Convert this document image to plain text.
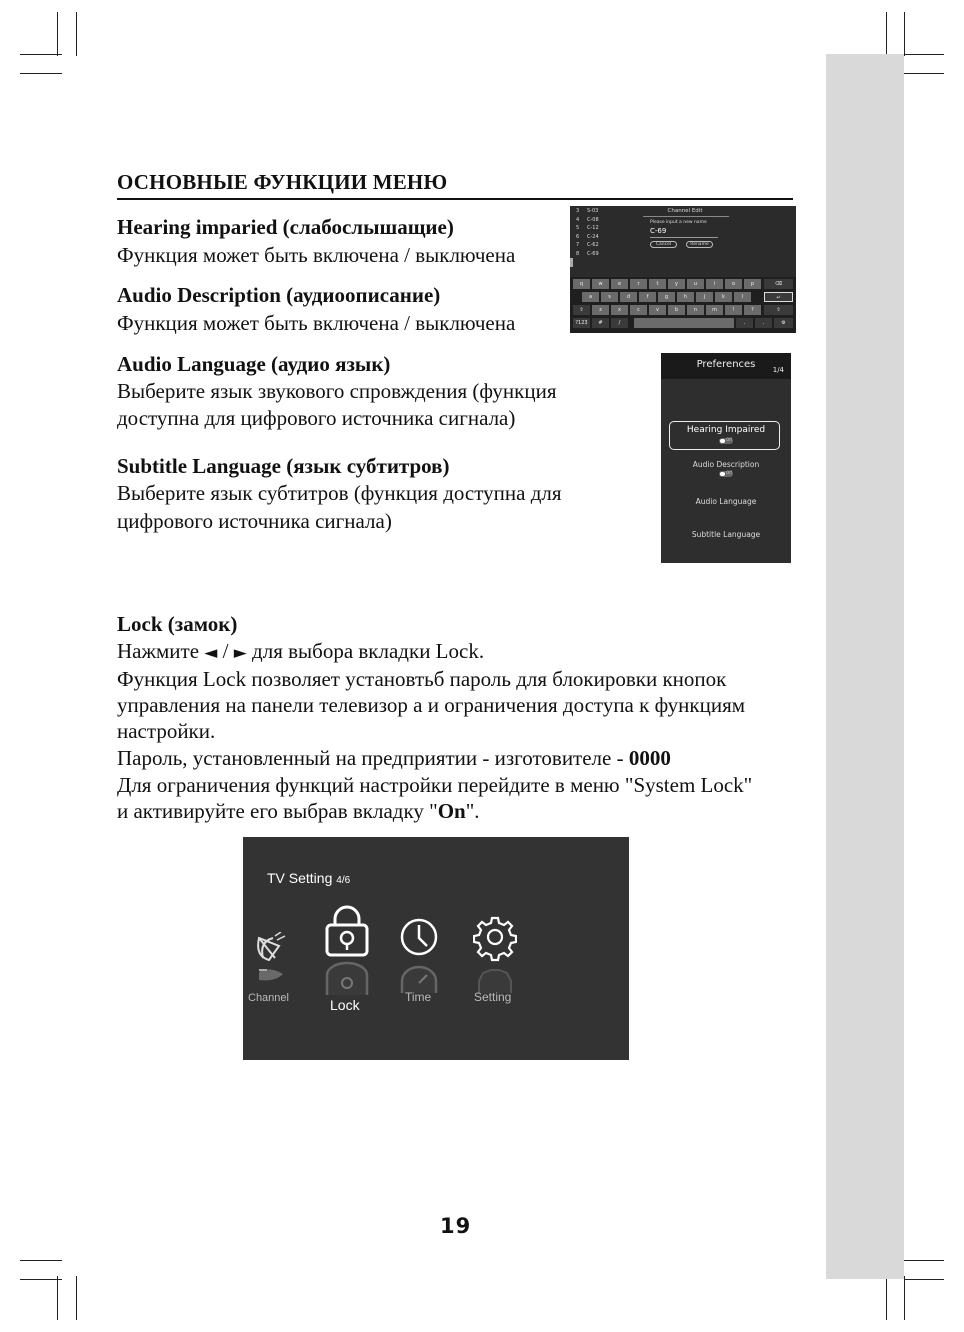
ОСНОВНЫЕ ФУНКЦИИ МЕНЮ
Hearing imparied (слабослышащие)
Функция может быть включена / выключена
Audio Description (аудиоописание)
Функция может быть включена / выключена
Audio Language (аудио язык)
Выберите язык звукового спровждения (функция
доступна для цифрового источника сигнала)
Subtitle Language (язык субтитров)
Выберите язык субтитров (функция доступна для
цифрового источника сигнала)
Lock (замок)
Нажмите ◄ / ► для выбора вкладки Lock.
Функция Lock позволяет установтьб пароль для блокировки кнопок
управления на панели телевизор а и ограничения доступа к функциям
настройки.
Пароль, установленный на предприятии - изготовителе - 0000
Для ограничения функций настройки перейдите в меню "System Lock"
и активируйте его выбрав вкладку "On".
3 S-03
4 C-08
5 C-12
6 C-24
7 C-62
8 C-69
Channel Edit
Please input a new name
C-69
Cancel	Rename
q	w	e	r	t	y	u	i	o	p	⌫
a	s	d	f	g	h	j	k	l	↵
⇧	z	x	c	v	b	n	m	!	?	⇧
?123	#	/	.	.	⚙
Preferences	1/4
Hearing Impaired
Off
Audio Description
Off
Audio Language
Subtitle Language
TV Setting 4/6
Channel	Lock	Time	Setting
19
